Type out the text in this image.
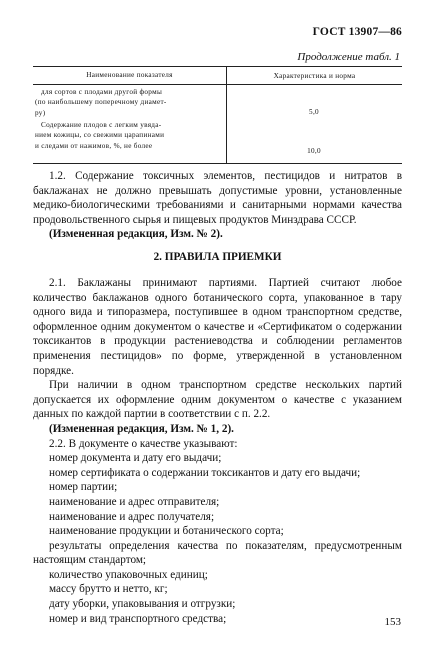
ГОСТ 13907—86
Продолжение табл. 1
Наименование показателя	Характеристика и норма
для сортов с плодами другой формы
(по наибольшему поперечному диамет-
ру)	5,0
Содержание плодов с легким увяда-
нием кожицы, со свежими царапинами
и следами от нажимов, %, не более
10,0

1.2. Содержание токсичных элементов, пестицидов и нитратов в баклажанах не должно превышать допустимые уровни, установленные медико-биологическими требованиями и санитарными нормами качества продовольственного сырья и пищевых продуктов Минздрава СССР.

(Измененная редакция, Изм. № 2).

2. ПРАВИЛА ПРИЕМКИ

2.1. Баклажаны принимают партиями. Партией считают любое количество баклажанов одного ботанического сорта, упакованное в тару одного вида и типоразмера, поступившее в одном транспортном средстве, оформленное одним документом о качестве и «Сертификатом о содержании токсикантов в продукции растениеводства и соблюдении регламентов применения пестицидов» по форме, утвержденной в установленном порядке.

При наличии в одном транспортном средстве нескольких партий допускается их оформление одним документом о качестве с указанием данных по каждой партии в соответствии с п. 2.2.

(Измененная редакция, Изм. № 1, 2).

2.2. В документе о качестве указывают:

номер документа и дату его выдачи;

номер сертификата о содержании токсикантов и дату его выдачи;

номер партии;

наименование и адрес отправителя;

наименование и адрес получателя;

наименование продукции и ботанического сорта;

результаты определения качества по показателям, предусмотренным настоящим стандартом;

количество упаковочных единиц;

массу брутто и нетто, кг;

дату уборки, упаковывания и отгрузки;

номер и вид транспортного средства;	153
